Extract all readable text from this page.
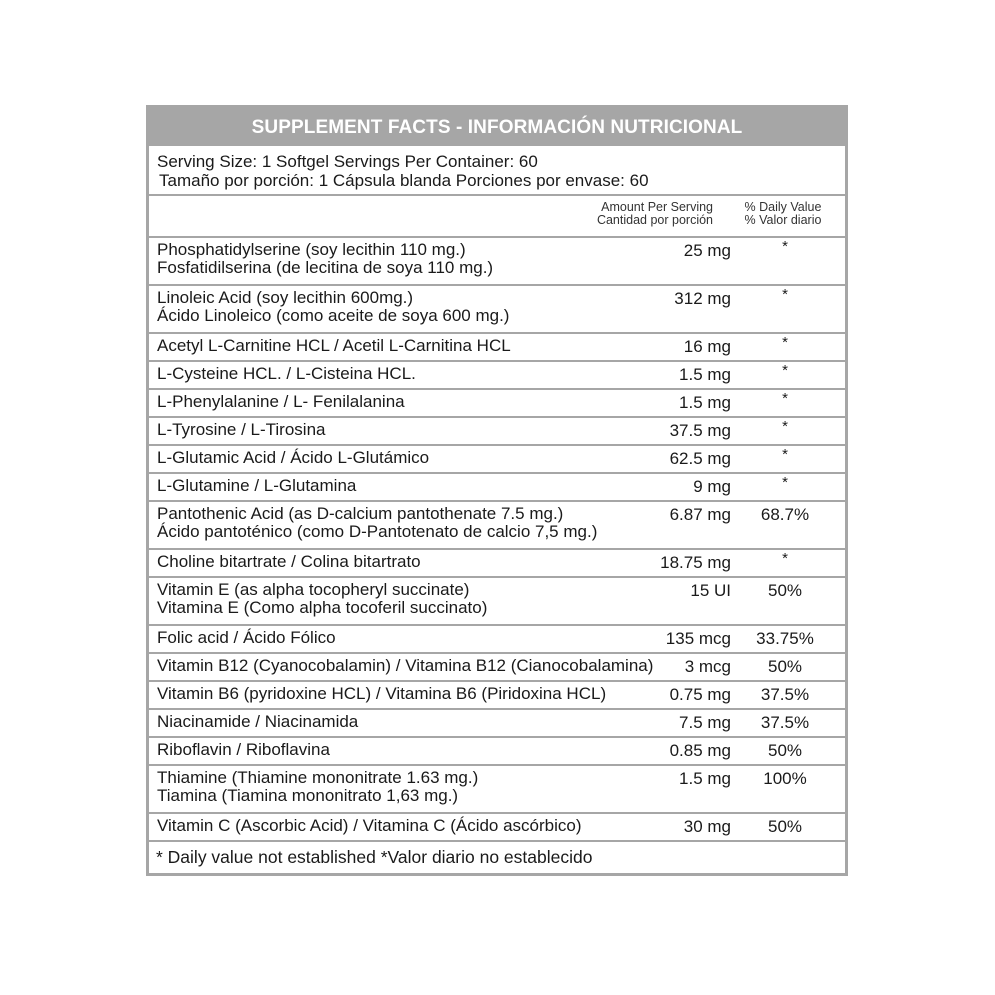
SUPPLEMENT FACTS - INFORMACIÓN NUTRICIONAL
Serving Size: 1 Softgel Servings Per Container: 60
Tamaño por porción: 1 Cápsula blanda Porciones por envase: 60
Amount Per Serving
Cantidad por porción
% Daily Value
% Valor diario
Phosphatidylserine (soy lecithin 110 mg.)
Fosfatidilserina (de lecitina de soya 110 mg.)
25 mg	*
Linoleic Acid (soy lecithin 600mg.)
Ácido Linoleico (como aceite de soya 600 mg.)
312 mg	*
Acetyl L-Carnitine HCL / Acetil L-Carnitina HCL	16 mg	*
L-Cysteine HCL. / L-Cisteina HCL.	1.5 mg	*
L-Phenylalanine / L- Fenilalanina	1.5 mg	*
L-Tyrosine / L-Tirosina	37.5 mg	*
L-Glutamic Acid / Ácido L-Glutámico	62.5 mg	*
L-Glutamine / L-Glutamina	9 mg	*
Pantothenic Acid (as D-calcium pantothenate 7.5 mg.)
Ácido pantoténico (como D-Pantotenato de calcio 7,5 mg.)
6.87 mg	68.7%
Choline bitartrate / Colina bitartrato	18.75 mg	*
Vitamin E (as alpha tocopheryl succinate)
Vitamina E (Como alpha tocoferil succinato)
15 UI	50%
Folic acid / Ácido Fólico	135 mcg	33.75%
Vitamin B12 (Cyanocobalamin) / Vitamina B12 (Cianocobalamina)	3 mcg	50%
Vitamin B6 (pyridoxine HCL) / Vitamina B6 (Piridoxina HCL)	0.75 mg	37.5%
Niacinamide / Niacinamida	7.5 mg	37.5%
Riboflavin / Riboflavina	0.85 mg	50%
Thiamine (Thiamine mononitrate 1.63 mg.)
Tiamina (Tiamina mononitrato 1,63 mg.)
1.5 mg	100%
Vitamin C (Ascorbic Acid) / Vitamina C (Ácido ascórbico)	30 mg	50%
* Daily value not established *Valor diario no establecido
